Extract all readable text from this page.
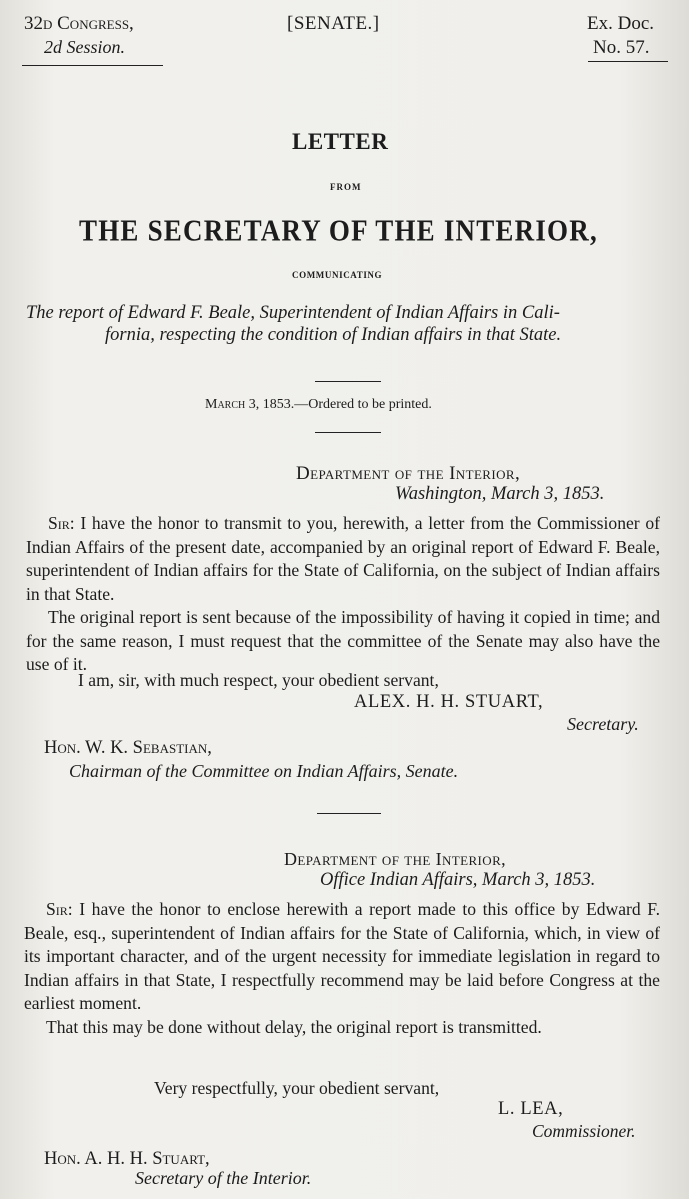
32d Congress,
2d Session.
[SENATE.]	Ex. Doc.
No. 57.
LETTER
FROM
THE SECRETARY OF THE INTERIOR,
COMMUNICATING
The report of Edward F. Beale, Superintendent of Indian Affairs in Cali-
fornia, respecting the condition of Indian affairs in that State.
March 3, 1853.—Ordered to be printed.
Department of the Interior,
Washington, March 3, 1853.

Sir: I have the honor to transmit to you, herewith, a letter from the Commissioner of Indian Affairs of the present date, accompanied by an original report of Edward F. Beale, superintendent of Indian affairs for the State of California, on the subject of Indian affairs in that State.

The original report is sent because of the impossibility of having it copied in time; and for the same reason, I must request that the committee of the Senate may also have the use of it.

I am, sir, with much respect, your obedient servant,
ALEX. H. H. STUART,
Secretary.
Hon. W. K. Sebastian,
Chairman of the Committee on Indian Affairs, Senate.
Department of the Interior,
Office Indian Affairs, March 3, 1853.

Sir: I have the honor to enclose herewith a report made to this office by Edward F. Beale, esq., superintendent of Indian affairs for the State of California, which, in view of its important character, and of the urgent necessity for immediate legislation in regard to Indian affairs in that State, I respectfully recommend may be laid before Congress at the earliest moment.

That this may be done without delay, the original report is transmitted.

Very respectfully, your obedient servant,
L. LEA,
Commissioner.
Hon. A. H. H. Stuart,
Secretary of the Interior.
